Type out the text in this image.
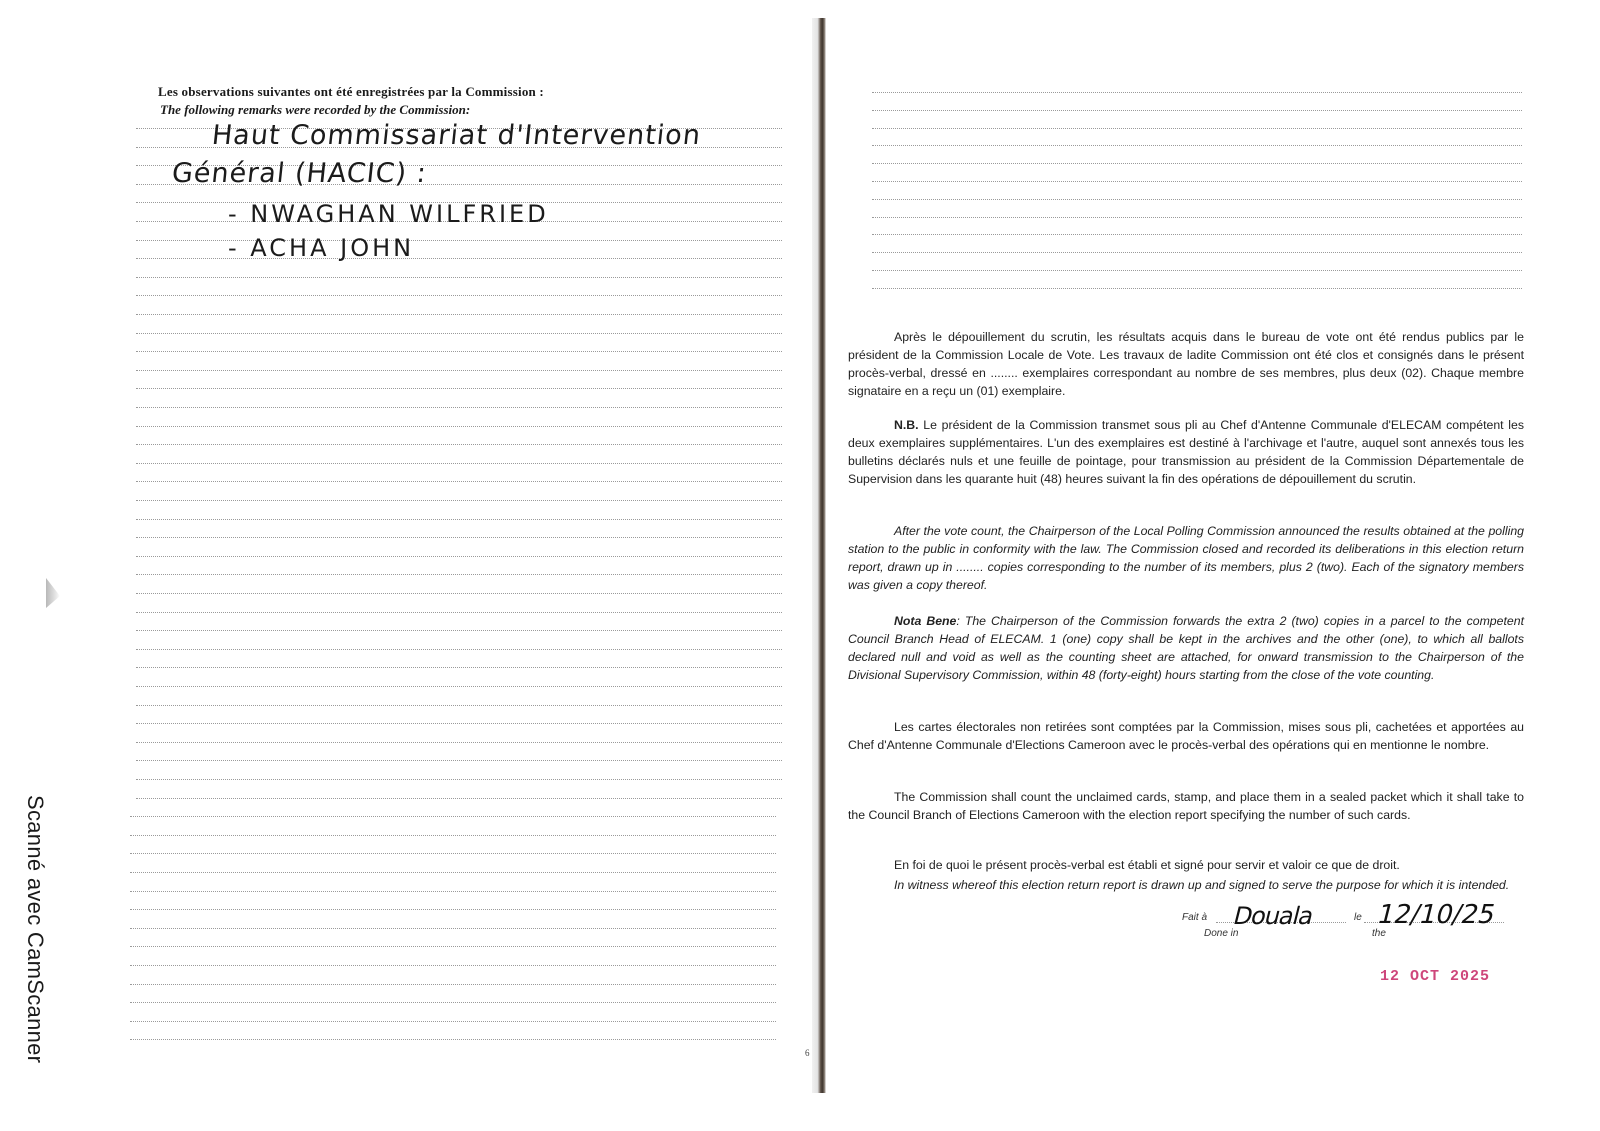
Scanné avec CamScanner
Les observations suivantes ont été enregistrées par la Commission :
The following remarks were recorded by the Commission:
Haut Commissariat d'Intervention
Général (HACIC) :
- NWAGHAN WILFRIED
- ACHA JOHN
6
Après le dépouillement du scrutin, les résultats acquis dans le bureau de vote ont été rendus publics par le président de la Commission Locale de Vote. Les travaux de ladite Commission ont été clos et consignés dans le présent procès-verbal, dressé en ........ exemplaires correspondant au nombre de ses membres, plus deux (02). Chaque membre signataire en a reçu un (01) exemplaire.
N.B. Le président de la Commission transmet sous pli au Chef d'Antenne Communale d'ELECAM compétent les deux exemplaires supplémentaires. L'un des exemplaires est destiné à l'archivage et l'autre, auquel sont annexés tous les bulletins déclarés nuls et une feuille de pointage, pour transmission au président de la Commission Départementale de Supervision dans les quarante huit (48) heures suivant la fin des opérations de dépouillement du scrutin.
After the vote count, the Chairperson of the Local Polling Commission announced the results obtained at the polling station to the public in conformity with the law. The Commission closed and recorded its deliberations in this election return report, drawn up in ........ copies corresponding to the number of its members, plus 2 (two). Each of the signatory members was given a copy thereof.
Nota Bene: The Chairperson of the Commission forwards the extra 2 (two) copies in a parcel to the competent Council Branch Head of ELECAM. 1 (one) copy shall be kept in the archives and the other (one), to which all ballots declared null and void as well as the counting sheet are attached, for onward transmission to the Chairperson of the Divisional Supervisory Commission, within 48 (forty-eight) hours starting from the close of the vote counting.
Les cartes électorales non retirées sont comptées par la Commission, mises sous pli, cachetées et apportées au Chef d'Antenne Communale d'Elections Cameroon avec le procès-verbal des opérations qui en mentionne le nombre.
The Commission shall count the unclaimed cards, stamp, and place them in a sealed packet which it shall take to the Council Branch of Elections Cameroon with the election report specifying the number of such cards.
En foi de quoi le présent procès-verbal est établi et signé pour servir et valoir ce que de droit.
In witness whereof this election return report is drawn up and signed to serve the purpose for which it is intended.
Fait à
Done in
Douala	le
the
12/10/25
12 OCT 2025
